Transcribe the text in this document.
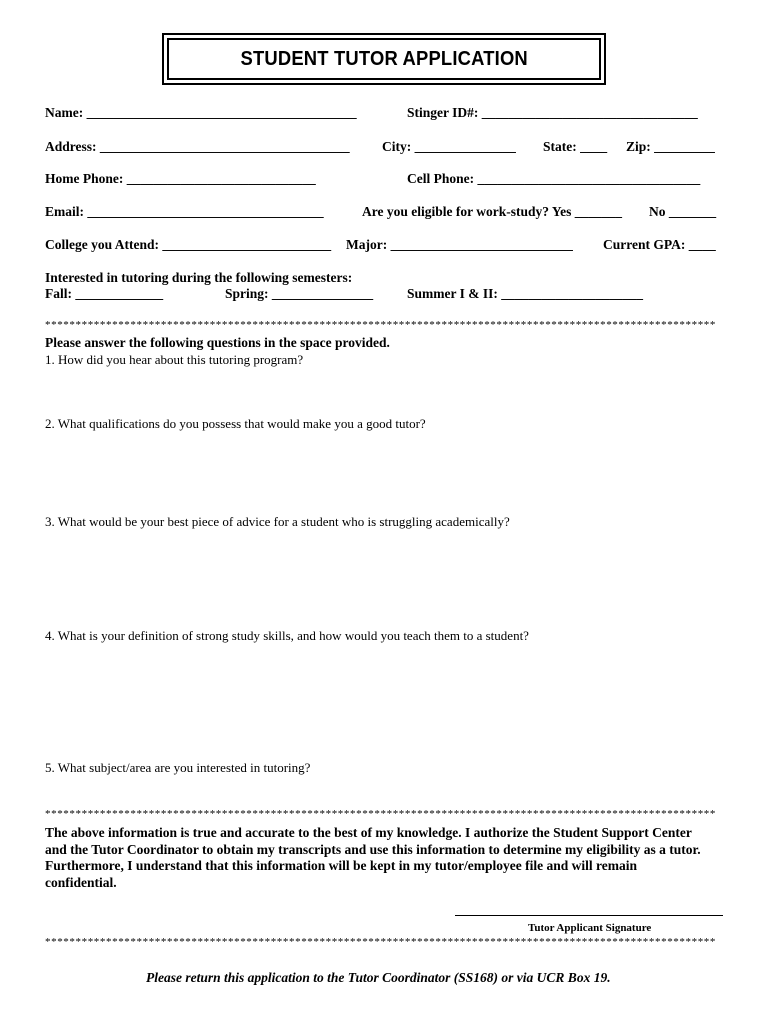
STUDENT TUTOR APPLICATION
Name: ________________________________________	Stinger ID#: ________________________________
Address: _____________________________________ City: _______________ State: ____ Zip: _________
Home Phone: ____________________________	Cell Phone: _________________________________
Email: ___________________________________	Are you eligible for work-study? Yes _______ No _______
College you Attend: _________________________ Major: ___________________________ Current GPA: ____
Interested in tutoring during the following semesters:
Fall: _____________	Spring: _______________	Summer I & II: _____________________
**************************************************************************************************************
Please answer the following questions in the space provided.
1. How did you hear about this tutoring program?
2. What qualifications do you possess that would make you a good tutor?
3. What would be your best piece of advice for a student who is struggling academically?
4. What is your definition of strong study skills, and how would you teach them to a student?
5. What subject/area are you interested in tutoring?
**************************************************************************************************************
The above information is true and accurate to the best of my knowledge. I authorize the Student Support Center
and the Tutor Coordinator to obtain my transcripts and use this information to determine my eligibility as a tutor.
Furthermore, I understand that this information will be kept in my tutor/employee file and will remain
confidential.
Tutor Applicant Signature
**************************************************************************************************************
Please return this application to the Tutor Coordinator (SS168) or via UCR Box 19.
